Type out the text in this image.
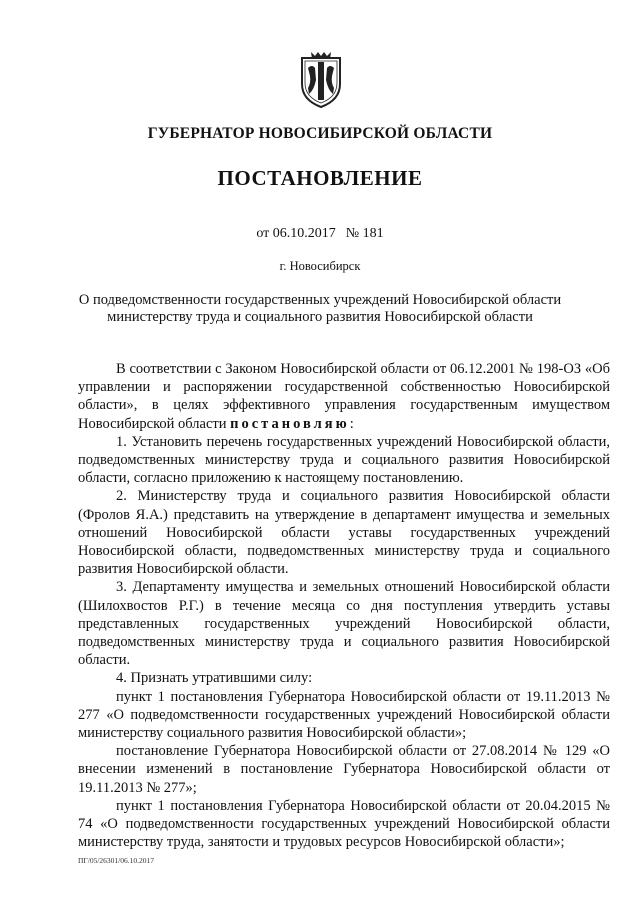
ГУБЕРНАТОР НОВОСИБИРСКОЙ ОБЛАСТИ
ПОСТАНОВЛЕНИЕ
от 06.10.2017 № 181
г. Новосибирск
О подведомственности государственных учреждений Новосибирской области
министерству труда и социального развития Новосибирской области

В соответствии с Законом Новосибирской области от 06.12.2001 № 198-ОЗ «Об управлении и распоряжении государственной собственностью Новосибирской области», в целях эффективного управления государственным имуществом Новосибирской области постановляю:

1. Установить перечень государственных учреждений Новосибирской области, подведомственных министерству труда и социального развития Новосибирской области, согласно приложению к настоящему постановлению.

2. Министерству труда и социального развития Новосибирской области (Фролов Я.А.) представить на утверждение в департамент имущества и земельных отношений Новосибирской области уставы государственных учреждений Новосибирской области, подведомственных министерству труда и социального развития Новосибирской области.

3. Департаменту имущества и земельных отношений Новосибирской области (Шилохвостов Р.Г.) в течение месяца со дня поступления утвердить уставы представленных государственных учреждений Новосибирской области, подведомственных министерству труда и социального развития Новосибирской области.

4. Признать утратившими силу:

пункт 1 постановления Губернатора Новосибирской области от 19.11.2013 № 277 «О подведомственности государственных учреждений Новосибирской области министерству социального развития Новосибирской области»;

постановление Губернатора Новосибирской области от 27.08.2014 № 129 «О внесении изменений в постановление Губернатора Новосибирской области от 19.11.2013 № 277»;

пункт 1 постановления Губернатора Новосибирской области от 20.04.2015 № 74 «О подведомственности государственных учреждений Новосибирской области министерству труда, занятости и трудовых ресурсов Новосибирской области»;

ПГ/05/26301/06.10.2017
